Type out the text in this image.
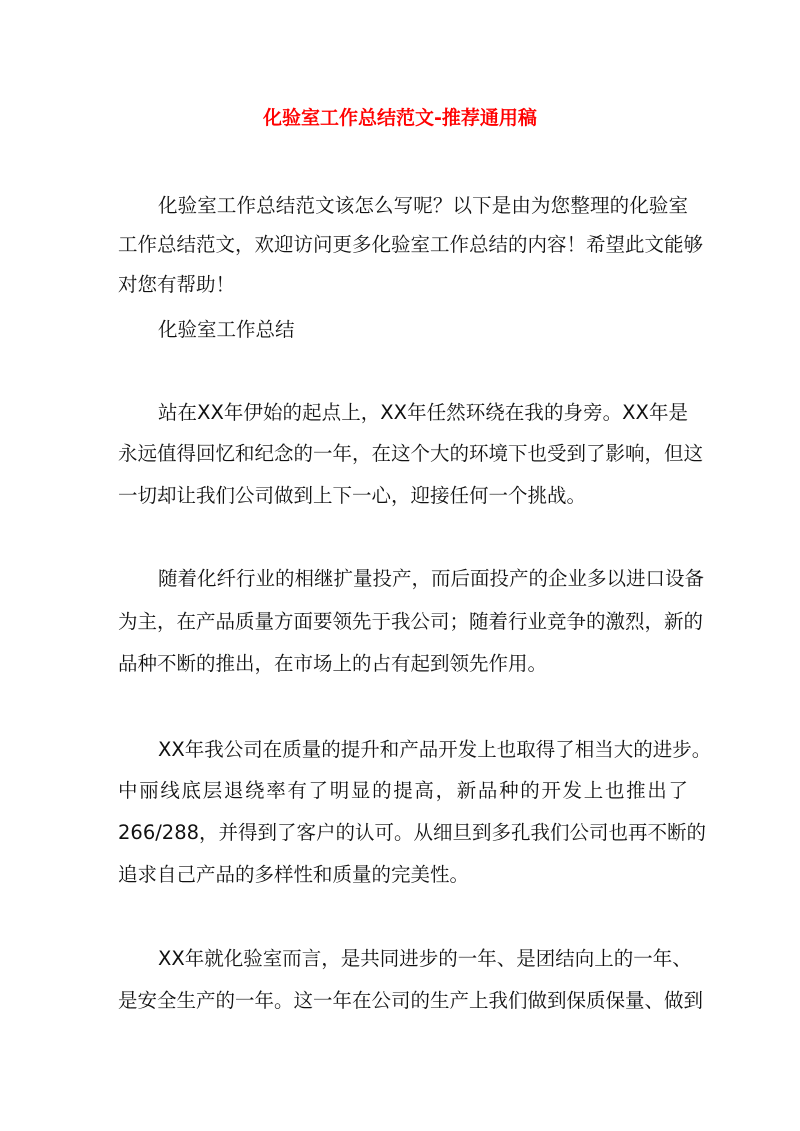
化验室工作总结范文-推荐通用稿
化验室工作总结范文该怎么写呢？以下是由为您整理的化验室
工作总结范文，欢迎访问更多化验室工作总结的内容！希望此文能够
对您有帮助！
化验室工作总结
站在XX年伊始的起点上，XX年任然环绕在我的身旁。XX年是
永远值得回忆和纪念的一年，在这个大的环境下也受到了影响，但这
一切却让我们公司做到上下一心，迎接任何一个挑战。
随着化纤行业的相继扩量投产，而后面投产的企业多以进口设备
为主，在产品质量方面要领先于我公司；随着行业竞争的激烈，新的
品种不断的推出，在市场上的占有起到领先作用。
XX年我公司在质量的提升和产品开发上也取得了相当大的进步。
中丽线底层退绕率有了明显的提高，新品种的开发上也推出了
266/288，并得到了客户的认可。从细旦到多孔我们公司也再不断的
追求自己产品的多样性和质量的完美性。
XX年就化验室而言，是共同进步的一年、是团结向上的一年、
是安全生产的一年。这一年在公司的生产上我们做到保质保量、做到
